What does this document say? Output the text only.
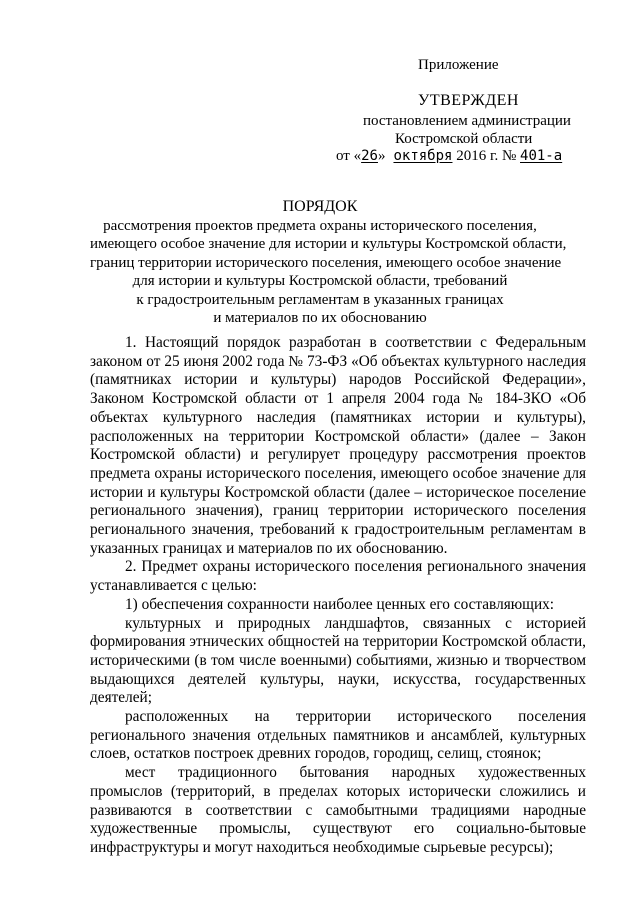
Приложение
УТВЕРЖДЕН
постановлением администрации
Костромской области
от «26» октября 2016 г. № 401-а
ПОРЯДОК
рассмотрения проектов предмета охраны исторического поселения,
имеющего особое значение для истории и культуры Костромской области,
границ территории исторического поселения, имеющего особое значение
для истории и культуры Костромской области, требований
к градостроительным регламентам в указанных границах
и материалов по их обоснованию

1. Настоящий порядок разработан в соответствии с Федеральным законом от 25 июня 2002 года № 73-ФЗ «Об объектах культурного наследия (памятниках истории и культуры) народов Российской Федерации», Законом Костромской области от 1 апреля 2004 года № 184-ЗКО «Об объектах культурного наследия (памятниках истории и культуры), расположенных на территории Костромской области» (далее – Закон Костромской области) и регулирует процедуру рассмотрения проектов предмета охраны исторического поселения, имеющего особое значение для истории и культуры Костромской области (далее – историческое поселение регионального значения), границ территории исторического поселения регионального значения, требований к градостроительным регламентам в указанных границах и материалов по их обоснованию.

2. Предмет охраны исторического поселения регионального значения устанавливается с целью:

1) обеспечения сохранности наиболее ценных его составляющих:

культурных и природных ландшафтов, связанных с историей формирования этнических общностей на территории Костромской области, историческими (в том числе военными) событиями, жизнью и творчеством выдающихся деятелей культуры, науки, искусства, государственных деятелей;

расположенных на территории исторического поселения регионального значения отдельных памятников и ансамблей, культурных слоев, остатков построек древних городов, городищ, селищ, стоянок;

мест традиционного бытования народных художественных промыслов (территорий, в пределах которых исторически сложились и развиваются в соответствии с самобытными традициями народные художественные промыслы, существуют его социально-бытовые инфраструктуры и могут находиться необходимые сырьевые ресурсы);
